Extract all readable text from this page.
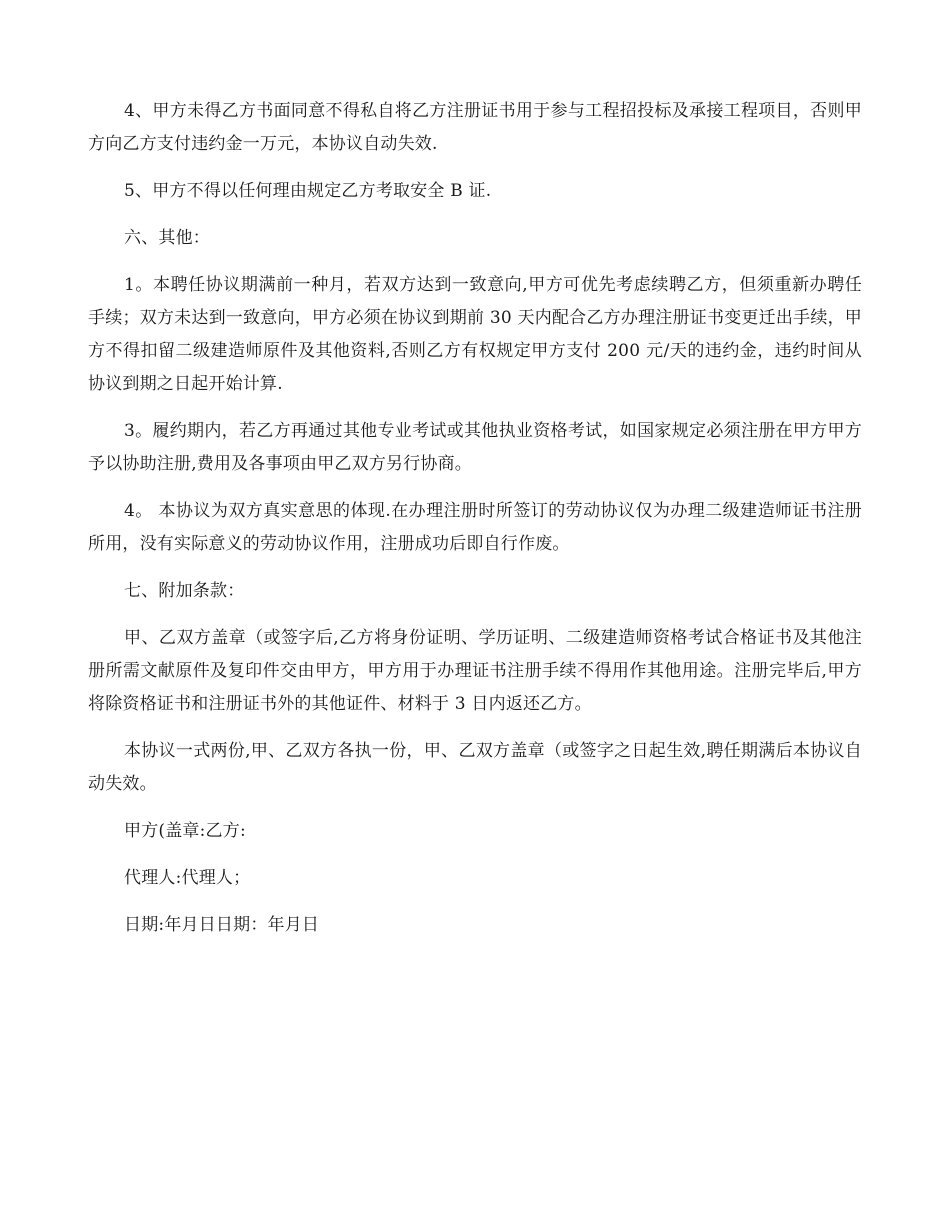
4、甲方未得乙方书面同意不得私自将乙方注册证书用于参与工程招投标及承接工程项目，否则甲方向乙方支付违约金一万元，本协议自动失效.

5、甲方不得以任何理由规定乙方考取安全 B 证.

六、其他：

1。本聘任协议期满前一种月，若双方达到一致意向,甲方可优先考虑续聘乙方，但须重新办聘任手续；双方未达到一致意向，甲方必须在协议到期前 30 天内配合乙方办理注册证书变更迁出手续，甲方不得扣留二级建造师原件及其他资料,否则乙方有权规定甲方支付 200 元/天的违约金，违约时间从协议到期之日起开始计算.

3。履约期内，若乙方再通过其他专业考试或其他执业资格考试，如国家规定必须注册在甲方甲方予以协助注册,费用及各事项由甲乙双方另行协商。

4。 本协议为双方真实意思的体现.在办理注册时所签订的劳动协议仅为办理二级建造师证书注册所用，没有实际意义的劳动协议作用，注册成功后即自行作废。

七、附加条款：

甲、乙双方盖章（或签字后,乙方将身份证明、学历证明、二级建造师资格考试合格证书及其他注册所需文献原件及复印件交由甲方，甲方用于办理证书注册手续不得用作其他用途。注册完毕后,甲方将除资格证书和注册证书外的其他证件、材料于 3 日内返还乙方。

本协议一式两份,甲、乙双方各执一份，甲、乙双方盖章（或签字之日起生效,聘任期满后本协议自动失效。

甲方(盖章:乙方:

代理人:代理人；

日期:年月日日期：年月日
